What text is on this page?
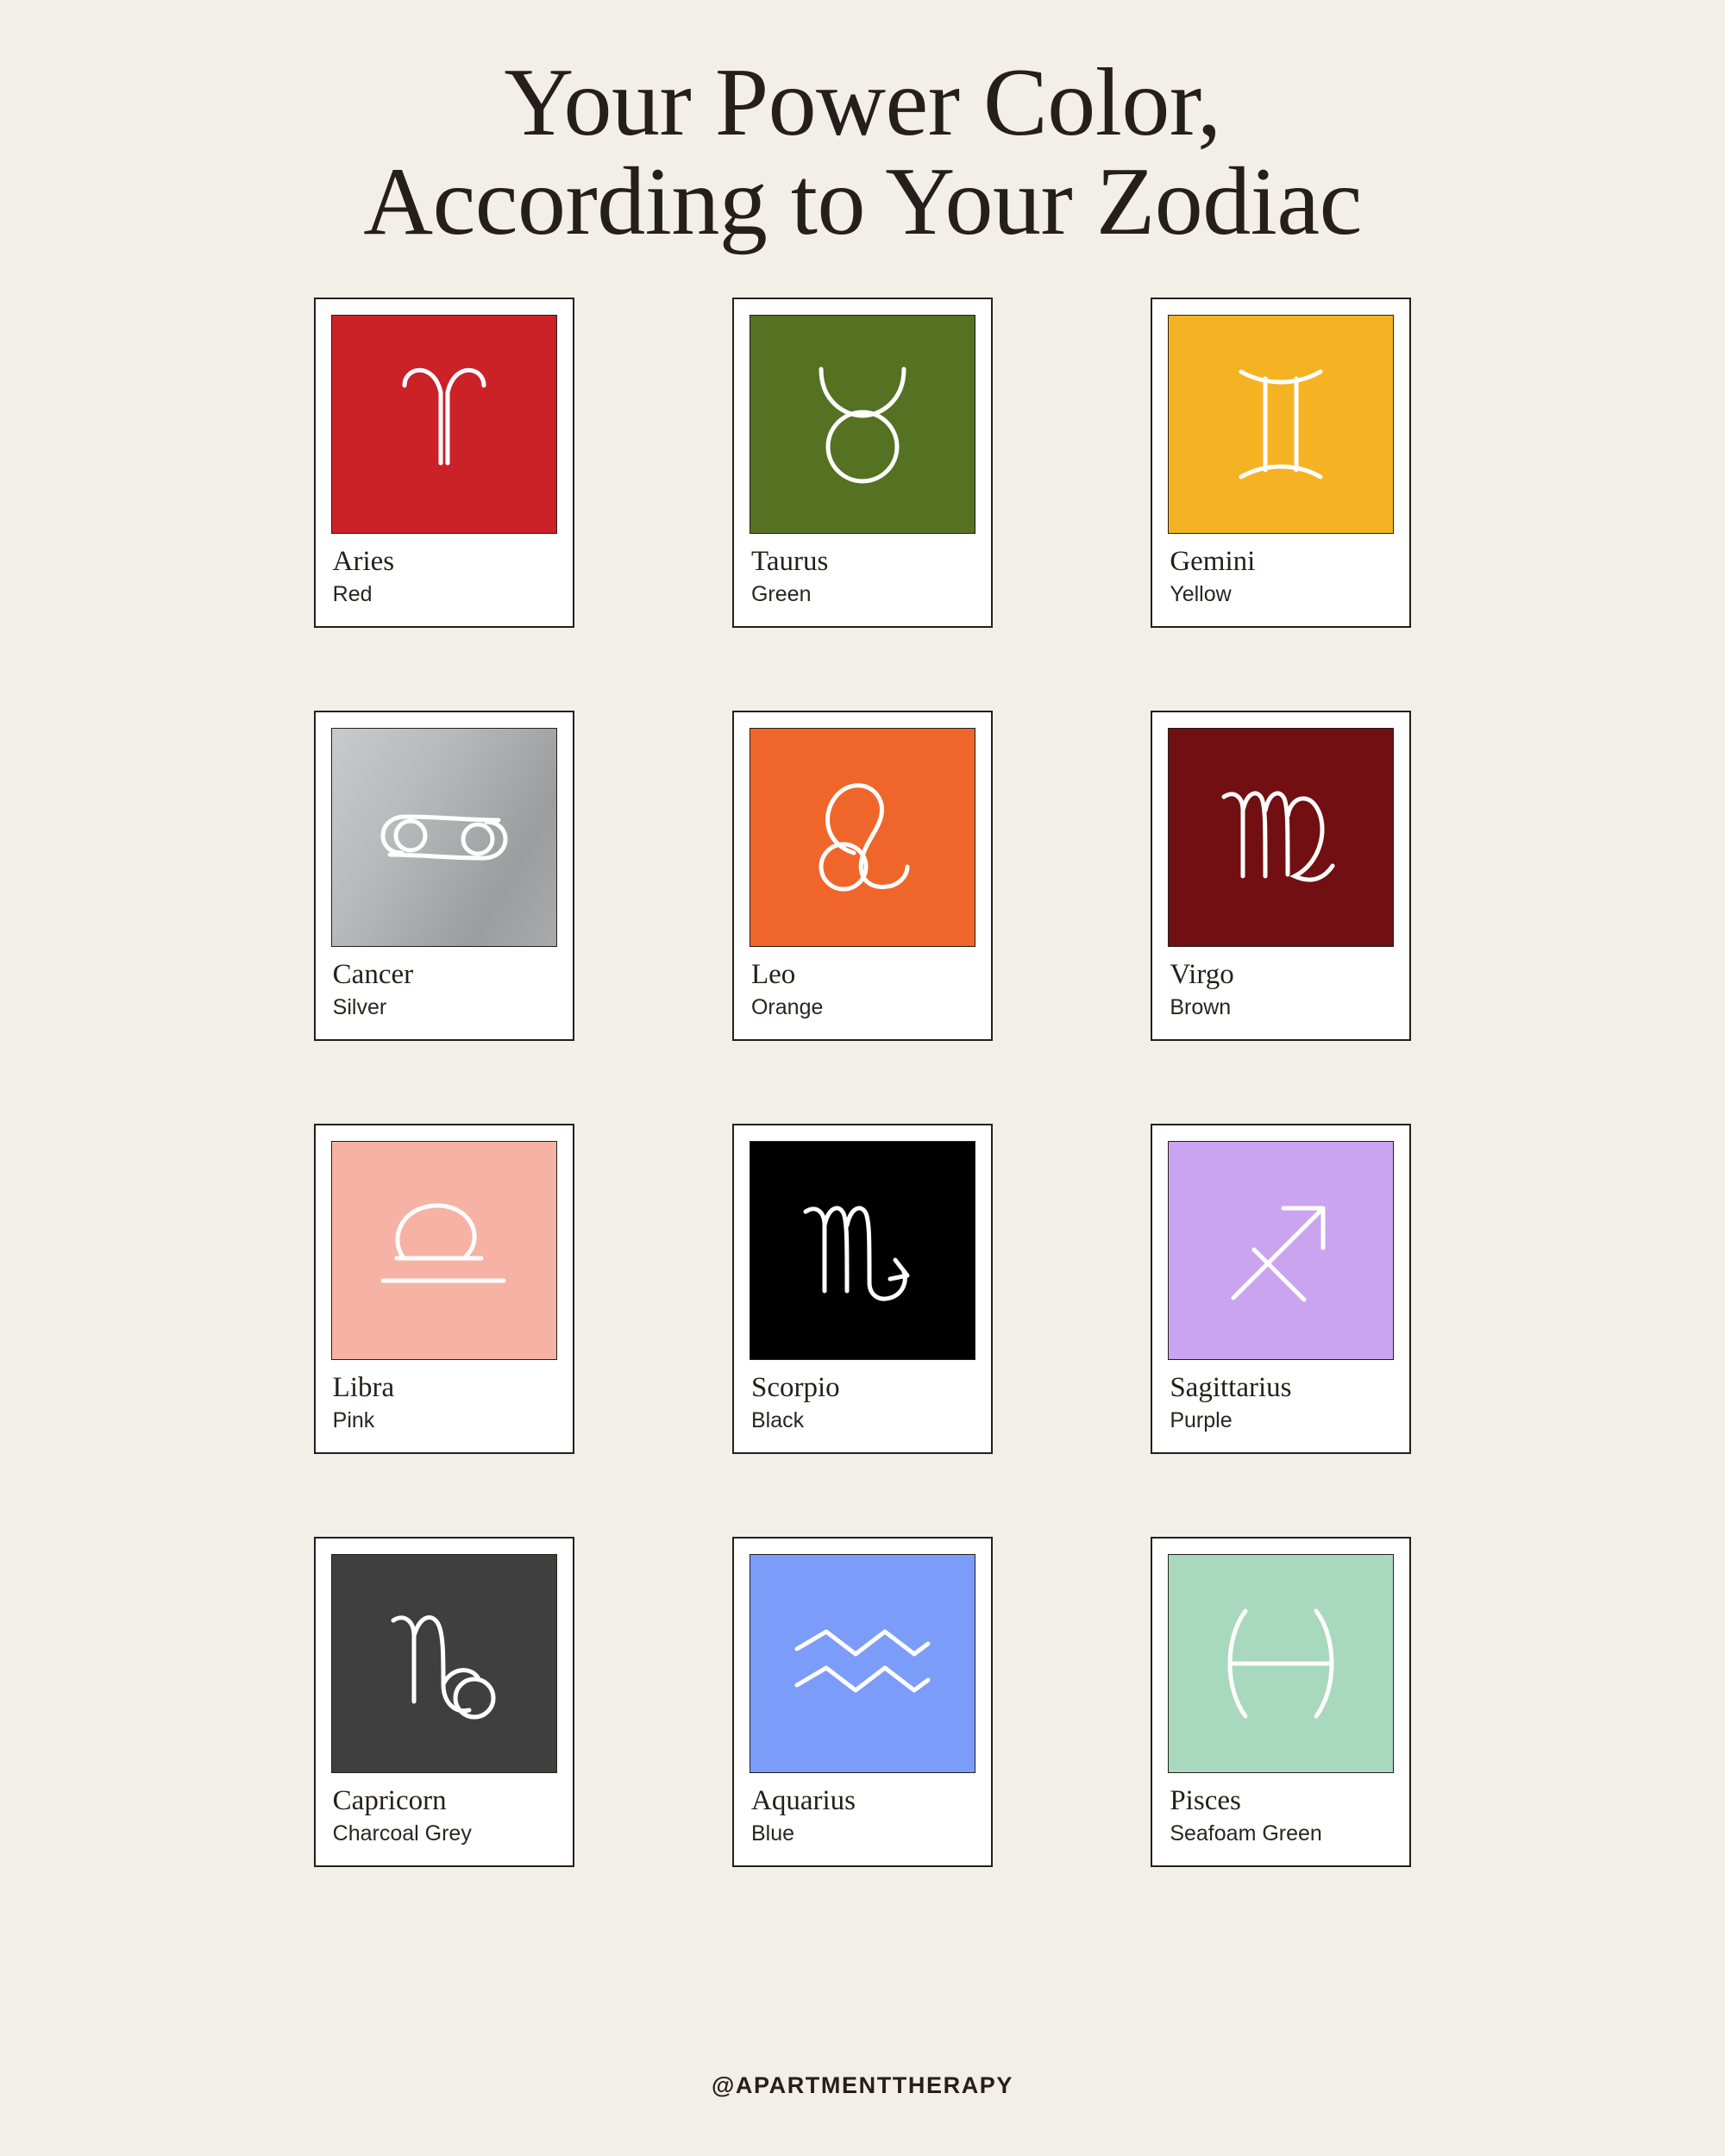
Your Power Color,
According to Your Zodiac
Aries
Red
Taurus
Green
Gemini
Yellow
Cancer
Silver
Leo
Orange
Virgo
Brown
Libra
Pink
Scorpio
Black
Sagittarius
Purple
Capricorn
Charcoal Grey
Aquarius
Blue
Pisces
Seafoam Green
@APARTMENTTHERAPY
